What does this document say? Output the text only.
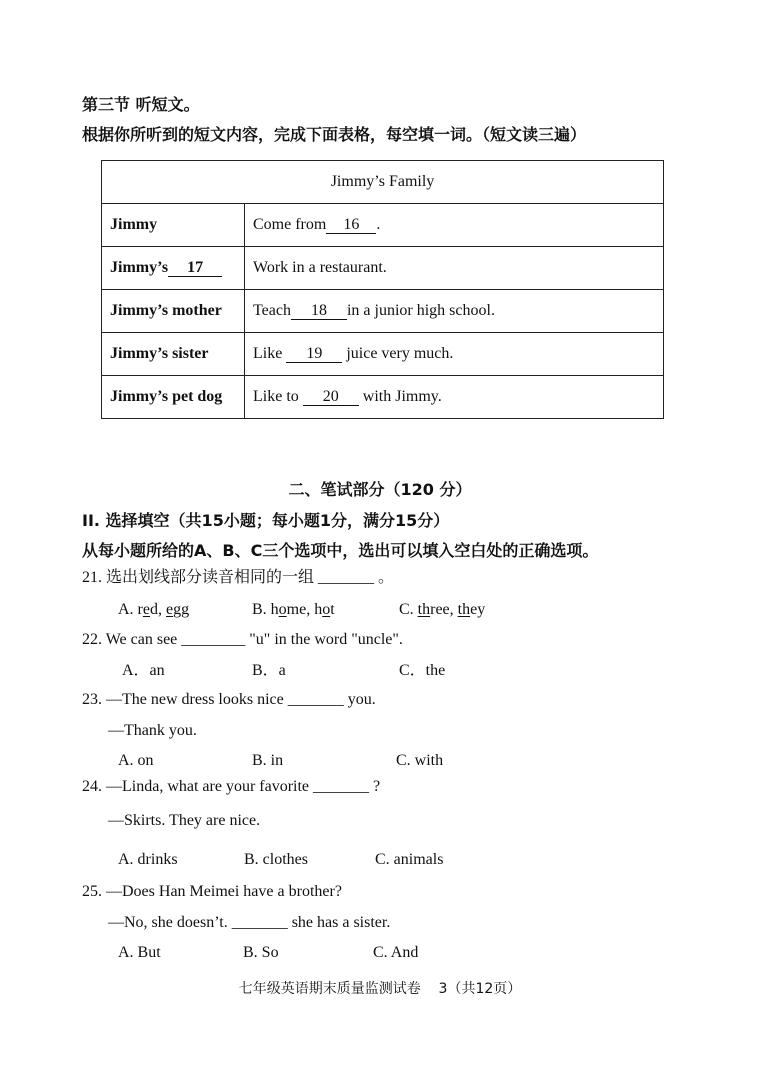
第三节 听短文。
根据你所听到的短文内容，完成下面表格，每空填一词。（短文读三遍）
Jimmy’s Family	
Jimmy	Come from 16 .
Jimmy’s 17	Work in a restaurant.
Jimmy’s mother	Teach 18 in a junior high school.
Jimmy’s sister	Like 19 juice very much.
Jimmy’s pet dog	Like to 20 with Jimmy.
二、笔试部分（120 分）
II. 选择填空（共15小题；每小题1分，满分15分）
从每小题所给的A、B、C三个选项中，选出可以填入空白处的正确选项。
21. 选出划线部分读音相同的一组 _______ 。
A. red, egg	B. home, hot	C. three, they
22. We can see ________ "u" in the word "uncle".
A．an	B．a	C．the
23. —The new dress looks nice _______ you.
—Thank you.
A. on	B. in	C. with
24. —Linda, what are your favorite _______ ?
—Skirts. They are nice.
A. drinks	B. clothes	C. animals
25. —Does Han Meimei have a brother?
—No, she doesn’t. _______ she has a sister.
A. But	B. So	C. And
七年级英语期末质量监测试卷    3（共12页）
